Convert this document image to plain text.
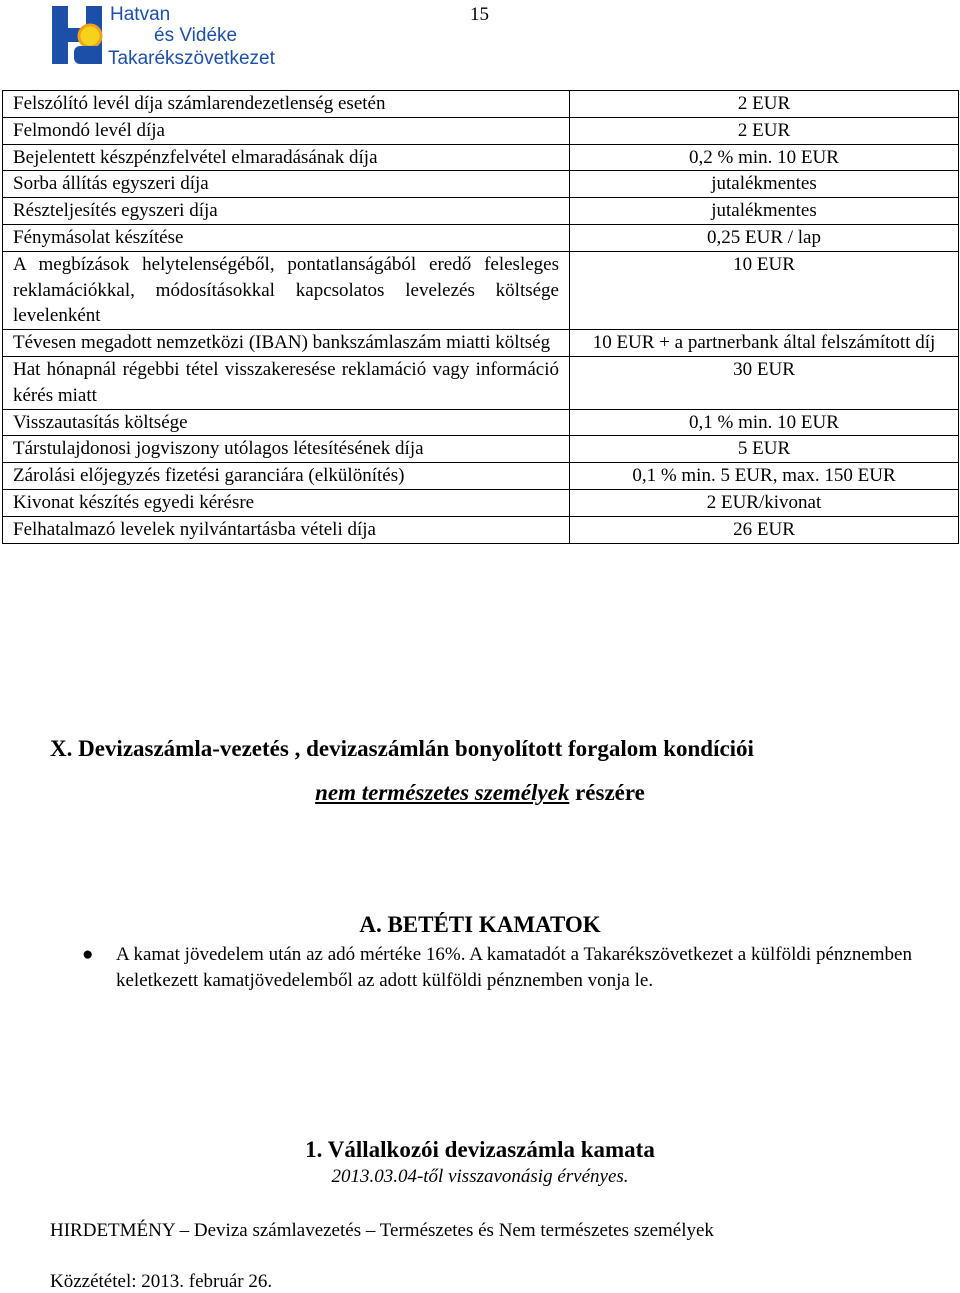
Hatvan
és Vidéke
Takarékszövetkezet
15
Felszólító levél díja számlarendezetlenség esetén	2 EUR
Felmondó levél díja	2 EUR
Bejelentett készpénzfelvétel elmaradásának díja	0,2 % min. 10 EUR
Sorba állítás egyszeri díja	jutalékmentes
Részteljesítés egyszeri díja	jutalékmentes
Fénymásolat készítése	0,25 EUR / lap
A megbízások helytelenségéből, pontatlanságából eredő felesleges reklamációkkal, módosításokkal kapcsolatos levelezés költsége levelenként	10 EUR
Tévesen megadott nemzetközi (IBAN) bankszámlaszám miatti költség	10 EUR + a partnerbank által felszámított díj
Hat hónapnál régebbi tétel visszakeresése reklamáció vagy információ kérés miatt	30 EUR
Visszautasítás költsége	0,1 % min. 10 EUR
Társtulajdonosi jogviszony utólagos létesítésének díja	5 EUR
Zárolási előjegyzés fizetési garanciára (elkülönítés)	0,1 % min. 5 EUR, max. 150 EUR
Kivonat készítés egyedi kérésre	2 EUR/kivonat
Felhatalmazó levelek nyilvántartásba vételi díja	26 EUR
X. Devizaszámla-vezetés , devizaszámlán bonyolított forgalom kondíciói
nem természetes személyek részére
A. BETÉTI KAMATOK
● A kamat jövedelem után az adó mértéke 16%. A kamatadót a Takarékszövetkezet a külföldi pénznemben keletkezett kamatjövedelemből az adott külföldi pénznemben vonja le.
1. Vállalkozói devizaszámla kamata
2013.03.04-től visszavonásig érvényes.
HIRDETMÉNY – Deviza számlavezetés – Természetes és Nem természetes személyek
Közzététel: 2013. február 26.
